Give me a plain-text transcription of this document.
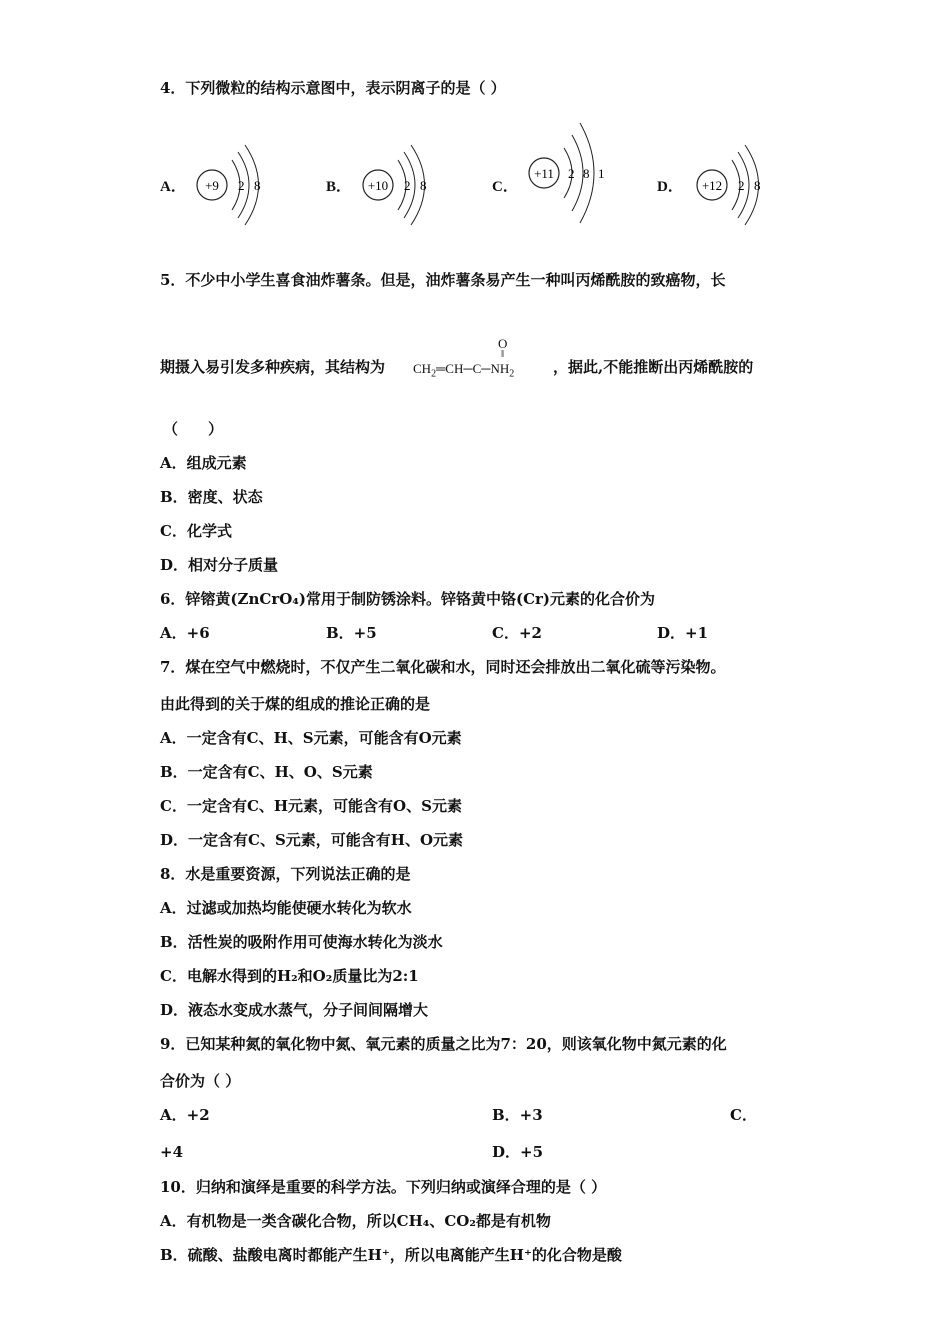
4．下列微粒的结构示意图中，表示阴离子的是（ ）
A． +9 2 8	B． +10 2 8	C．
+11 2 8 1
D． +12 2 8
5．不少中小学生喜食油炸薯条。但是，油炸薯条易产生一种叫丙烯酰胺的致癌物，长
期摄入易引发多种疾病，其结构为
O
‖
$CH_2═CH─C─NH_2$	，据此,不能推断出丙烯酰胺的
（　　）
A．组成元素
B．密度、状态
C．化学式
D．相对分子质量
6．锌镕黄(ZnCrO₄)常用于制防锈涂料。锌铬黄中铬(Cr)元素的化合价为
A．+6	B．+5	C．+2	D．+1
7．煤在空气中燃烧时，不仅产生二氧化碳和水，同时还会排放出二氧化硫等污染物。
由此得到的关于煤的组成的推论正确的是
A．一定含有C、H、S元素，可能含有O元素
B．一定含有C、H、O、S元素
C．一定含有C、H元素，可能含有O、S元素
D．一定含有C、S元素，可能含有H、O元素
8．水是重要资源，下列说法正确的是
A．过滤或加热均能使硬水转化为软水
B．活性炭的吸附作用可使海水转化为淡水
C．电解水得到的H₂和O₂质量比为2:1
D．液态水变成水蒸气，分子间间隔增大
9．已知某种氮的氧化物中氮、氧元素的质量之比为7：20，则该氧化物中氮元素的化
合价为（ ）
A．+2	B．+3	C．
+4	D．+5
10．归纳和演绎是重要的科学方法。下列归纳或演绎合理的是（ ）
A．有机物是一类含碳化合物，所以CH₄、CO₂都是有机物
B．硫酸、盐酸电离时都能产生H⁺，所以电离能产生H⁺的化合物是酸
